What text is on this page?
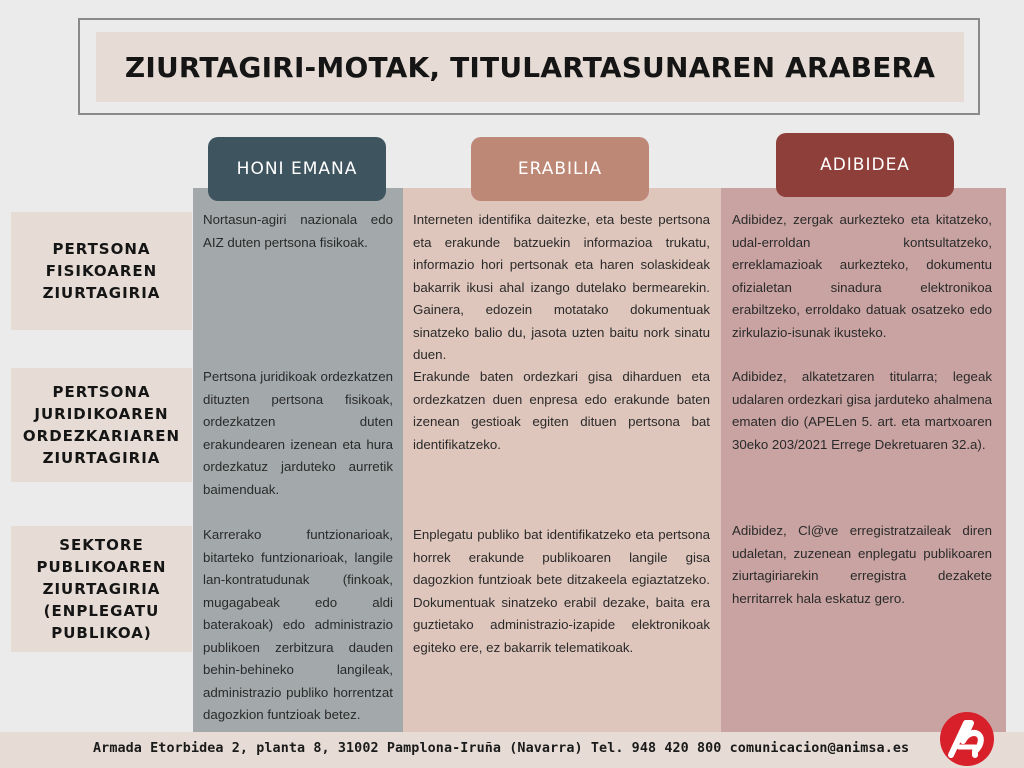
ZIURTAGIRI-MOTAK, TITULARTASUNAREN ARABERA
HONI EMANA	ERABILIA	ADIBIDEA
PERTSONA
FISIKOAREN
ZIURTAGIRIA
PERTSONA
JURIDIKOAREN
ORDEZKARIAREN
ZIURTAGIRIA
SEKTORE
PUBLIKOAREN
ZIURTAGIRIA
(ENPLEGATU
PUBLIKOA)
Nortasun-agiri nazionala edo AIZ duten pertsona fisikoak.
Interneten identifika daitezke, eta beste pertsona eta erakunde batzuekin informazioa trukatu, informazio hori pertsonak eta haren solaskideak bakarrik ikusi ahal izango dutelako bermearekin. Gainera, edozein motatako dokumentuak sinatzeko balio du, jasota uzten baitu nork sinatu duen.
Adibidez, zergak aurkezteko eta kitatzeko, udal-erroldan kontsultatzeko, erreklamazioak aurkezteko, dokumentu ofizialetan sinadura elektronikoa erabiltzeko, erroldako datuak osatzeko edo zirkulazio-isunak ikusteko.
Pertsona juridikoak ordezkatzen dituzten pertsona fisikoak, ordezkatzen duten erakundearen izenean eta hura ordezkatuz jarduteko aurretik baimenduak.
Erakunde baten ordezkari gisa diharduen eta ordezkatzen duen enpresa edo erakunde baten izenean gestioak egiten dituen pertsona bat identifikatzeko.
Adibidez, alkatetzaren titularra; legeak udalaren ordezkari gisa jarduteko ahalmena ematen dio (APELen 5. art. eta martxoaren 30eko 203/2021 Errege Dekretuaren 32.a).
Karrerako funtzionarioak, bitarteko funtzionarioak, langile lan-kontratudunak (finkoak, mugagabeak edo aldi baterakoak) edo administrazio publikoen zerbitzura dauden behin-behineko langileak, administrazio publiko horrentzat dagozkion funtzioak betez.
Enplegatu publiko bat identifikatzeko eta pertsona horrek erakunde publikoaren langile gisa dagozkion funtzioak bete ditzakeela egiaztatzeko. Dokumentuak sinatzeko erabil dezake, baita era guztietako administrazio-izapide elektronikoak egiteko ere, ez bakarrik telematikoak.
Adibidez, Cl@ve erregistratzaileak diren udaletan, zuzenean enplegatu publikoaren ziurtagiriarekin erregistra dezakete herritarrek hala eskatuz gero.
Armada Etorbidea 2, planta 8, 31002 Pamplona-Iruña (Navarra) Tel. 948 420 800 comunicacion@animsa.es
